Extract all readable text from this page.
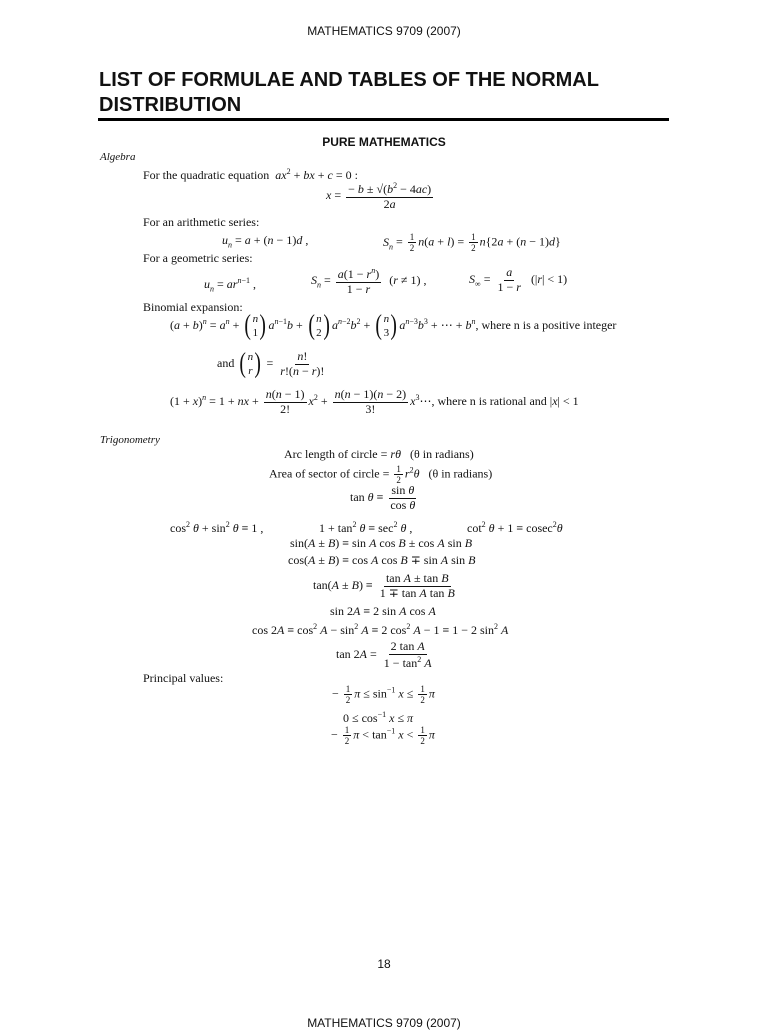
MATHEMATICS 9709 (2007)
LIST OF FORMULAE AND TABLES OF THE NORMAL
DISTRIBUTION
PURE MATHEMATICS
Algebra
For the quadratic equation $ax^2$ + bx + c = 0 :
$x = \frac{- b \pm √(b^2 - 4ac)}{2a}$
For an arithmetic series:
$u_n = a + (n - 1)d$ ,	$S_n = \frac{1}{2} n(a + l) = \frac{1}{2} n\{2a + (n - 1)d\}$
For a geometric series:
$u_n = ar^{n-1}$ ,	$S_n = \frac{a(1 - r^n)}{1 - r} (r \ne 1)$ ,	$S_\infty = \frac{a}{1 - r} (|r| < 1)$
Binomial expansion:
$(a + b)^n = a^n$ + ( n
1 ) $a^{n-1}b$ + ( n
2 ) $a^{n-2}b^2$ + ( n
3 ) $a^{n-3}b^3$ + ⋯ + $b^n$, where n is a positive integer
and ( n
r ) = $\frac{n!}{r!(n - r)!}$
$(1 + x)^n = 1$ + nx + $\frac{n(n - 1)}{2!} x^2 + \frac{n(n - 1)(n - 2)}{3!}$ $x^3\cdots$, where n is rational and |x| < 1
Trigonometry
Arc length of circle = rθ (θ in radians)
Area of sector of circle = $\frac{1}{2} r^2\theta$ (θ in radians)
$\tan \theta \equiv \frac{\text{sin θ}}{\text{cos θ}}$
$\cos^2 \theta + \sin^2 \theta \equiv 1$ ,	$1 + \tan^2 \theta \equiv \sec^2 \theta$ ,	$\cot^2 \theta + 1 \equiv cosec^2\theta$
sin(A ± B) ≡ sin A cos B ± cos A sin B
cos(A ± B) ≡ cos A cos B ∓ sin A sin B
$\tan(A \pm B) \equiv \frac{\text{tan A ± tan B}}{\text{1 ∓ tan A tan B}}$
sin 2A ≡ 2 sin A cos A
$\cos 2A \equiv \cos^2 A - \sin^2 A \equiv 2$ $\cos^2 A - 1 \equiv 1 - 2$ $\sin^2 A$
$\tan 2A = \frac{\text{2 tan A}}{1 - \tan^2 A}$
Principal values:
− $\frac{1}{2}$ $\pi \le \sin^{-1} x \le \frac{1}{2}$ π
$0 \le \cos^{-1} x \le \pi$
− $\frac{1}{2}$ $\pi < \tan^{-1} x < \frac{1}{2}$ π
18
MATHEMATICS 9709 (2007)
